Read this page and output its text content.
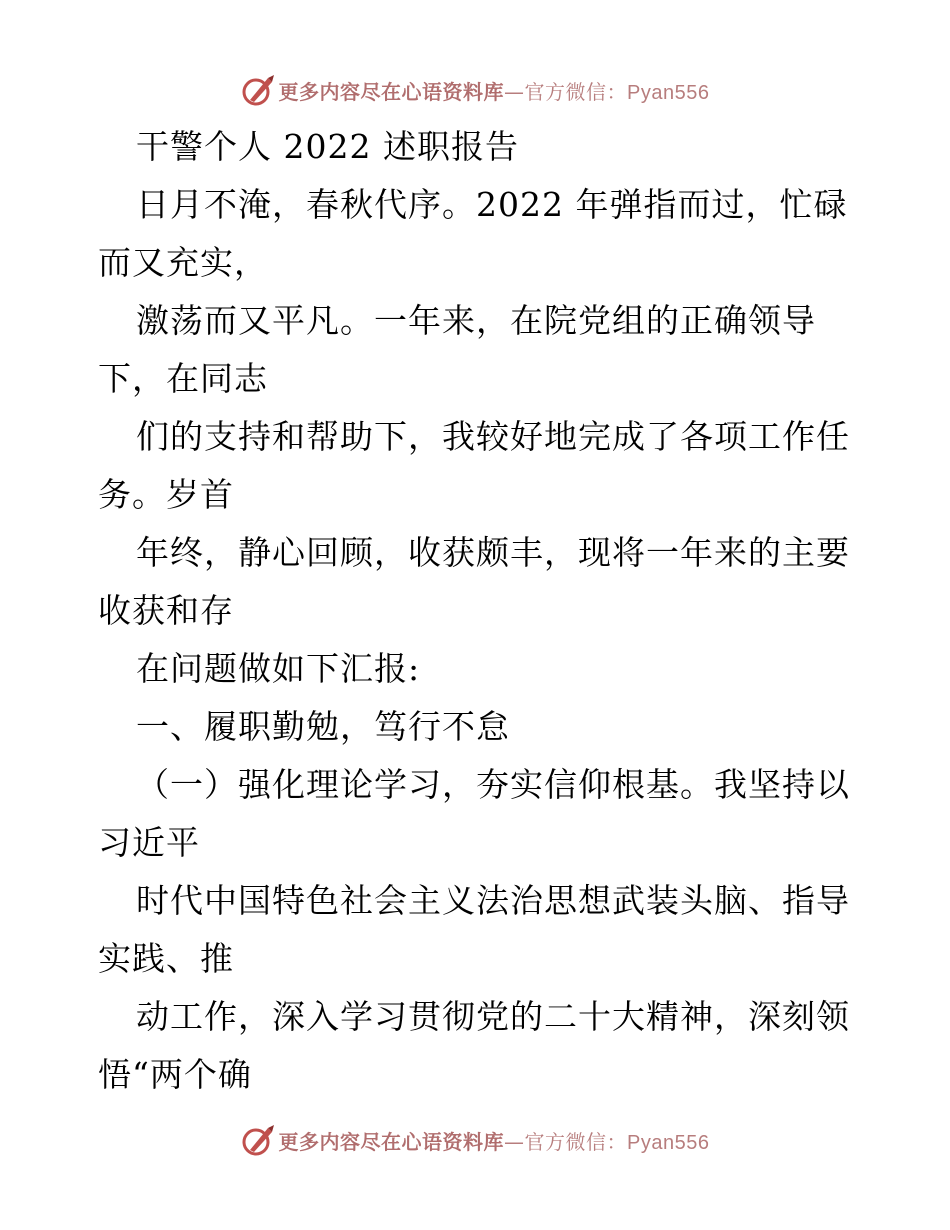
更多内容尽在心语资料库—官方微信：Pyan556
干警个人 2022 述职报告
日月不淹，春秋代序。2022 年弹指而过，忙碌
而又充实，
激荡而又平凡。一年来，在院党组的正确领导
下，在同志
们的支持和帮助下，我较好地完成了各项工作任
务。岁首
年终，静心回顾，收获颇丰，现将一年来的主要
收获和存
在问题做如下汇报:
一、履职勤勉，笃行不怠
（一）强化理论学习，夯实信仰根基。我坚持以
习近平
时代中国特色社会主义法治思想武装头脑、指导
实践、推
动工作，深入学习贯彻党的二十大精神，深刻领
悟“两个确
更多内容尽在心语资料库—官方微信：Pyan556
